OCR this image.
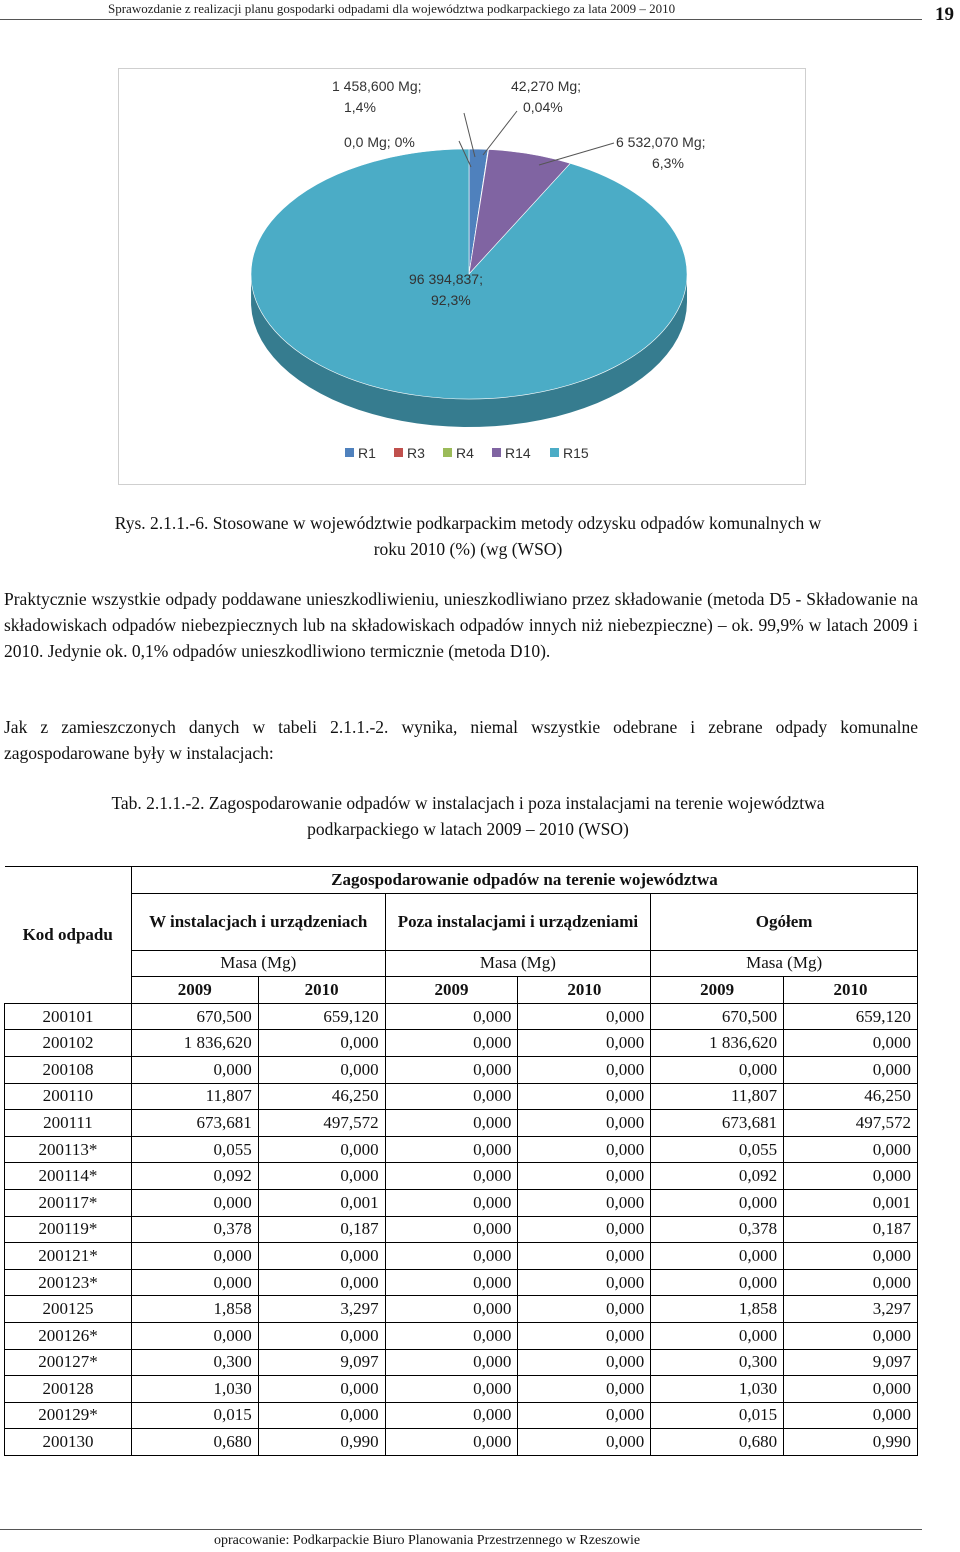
Sprawozdanie z realizacji planu gospodarki odpadami dla województwa podkarpackiego za lata 2009 – 2010	19
1 458,600 Mg;
1,4%
0,0 Mg; 0%
42,270 Mg;
0,04%
6 532,070 Mg;
6,3%
96 394,837;
92,3%
R1 R3 R4 R14 R15
Rys. 2.1.1.-6. Stosowane w województwie podkarpackim metody odzysku odpadów komunalnych w
roku 2010 (%) (wg (WSO)
Praktycznie wszystkie odpady poddawane unieszkodliwieniu, unieszkodliwiano przez składowanie (metoda D5 - Składowanie na składowiskach odpadów niebezpiecznych lub na składowiskach odpadów innych niż niebezpieczne) – ok. 99,9% w latach 2009 i 2010. Jedynie ok. 0,1% odpadów unieszkodliwiono termicznie (metoda D10).
Jak z zamieszczonych danych w tabeli 2.1.1.-2. wynika, niemal wszystkie odebrane i zebrane odpady komunalne zagospodarowane były w instalacjach:
Tab. 2.1.1.-2. Zagospodarowanie odpadów w instalacjach i poza instalacjami na terenie województwa
podkarpackiego w latach 2009 – 2010 (WSO)
Kod odpadu	Zagospodarowanie odpadów na terenie województwa					
	W instalacjach i urządzeniach		Poza instalacjami i urządzeniami		Ogółem	
	Masa (Mg)		Masa (Mg)		Masa (Mg)	
	2009	2010	2009	2010	2009	2010
200101	670,500	659,120	0,000	0,000	670,500	659,120
200102	1 836,620	0,000	0,000	0,000	1 836,620	0,000
200108	0,000	0,000	0,000	0,000	0,000	0,000
200110	11,807	46,250	0,000	0,000	11,807	46,250
200111	673,681	497,572	0,000	0,000	673,681	497,572
200113*	0,055	0,000	0,000	0,000	0,055	0,000
200114*	0,092	0,000	0,000	0,000	0,092	0,000
200117*	0,000	0,001	0,000	0,000	0,000	0,001
200119*	0,378	0,187	0,000	0,000	0,378	0,187
200121*	0,000	0,000	0,000	0,000	0,000	0,000
200123*	0,000	0,000	0,000	0,000	0,000	0,000
200125	1,858	3,297	0,000	0,000	1,858	3,297
200126*	0,000	0,000	0,000	0,000	0,000	0,000
200127*	0,300	9,097	0,000	0,000	0,300	9,097
200128	1,030	0,000	0,000	0,000	1,030	0,000
200129*	0,015	0,000	0,000	0,000	0,015	0,000
200130	0,680	0,990	0,000	0,000	0,680	0,990
opracowanie: Podkarpackie Biuro Planowania Przestrzennego w Rzeszowie
